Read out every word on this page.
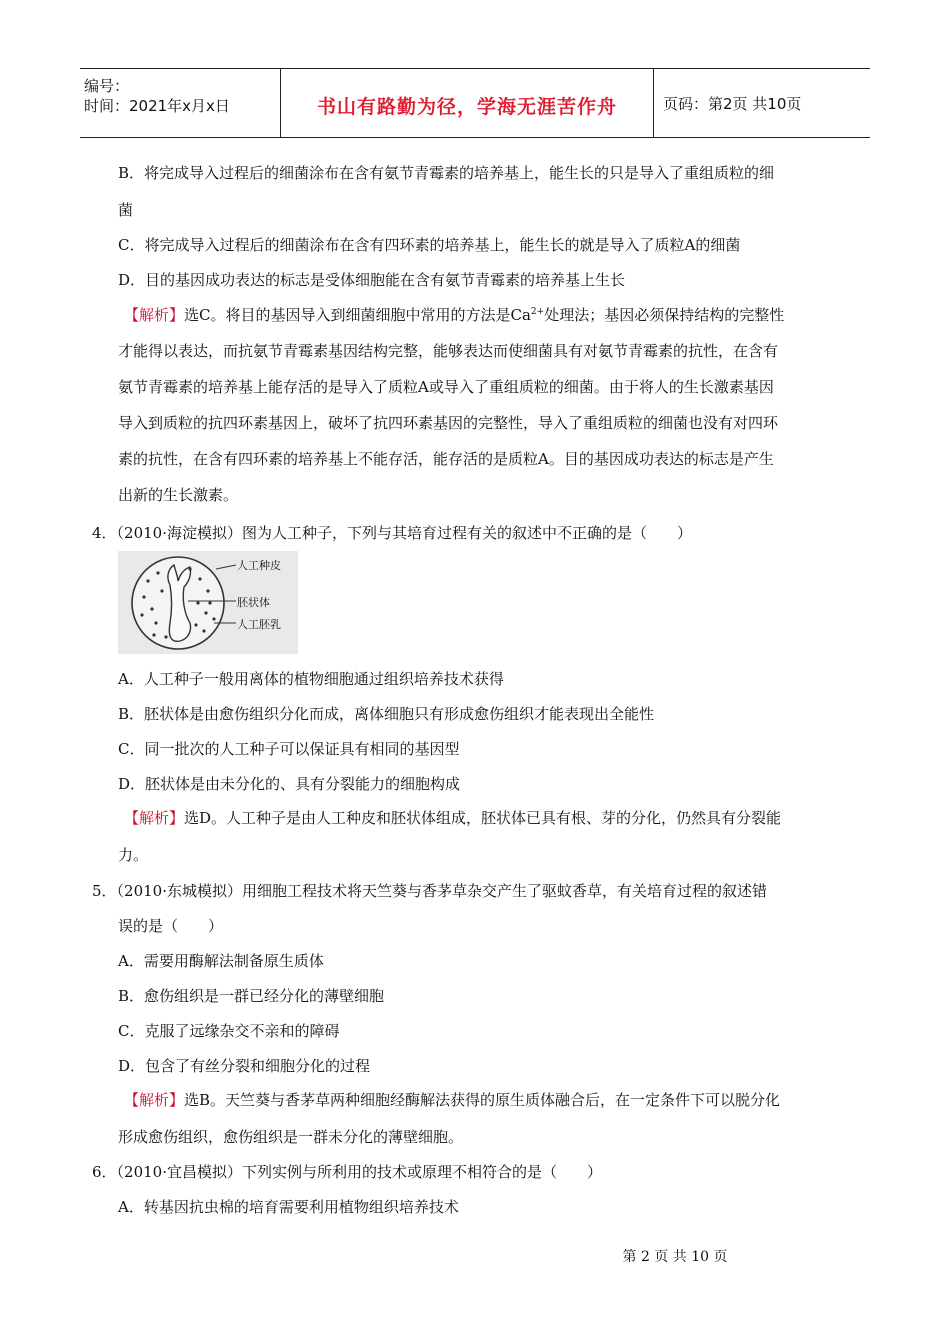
编号：
时间：2021年x月x日	书山有路勤为径，学海无涯苦作舟	页码：第2页 共10页
B．将完成导入过程后的细菌涂布在含有氨节青霉素的培养基上，能生长的只是导入了重组质粒的细
菌
C．将完成导入过程后的细菌涂布在含有四环素的培养基上，能生长的就是导入了质粒A的细菌
D．目的基因成功表达的标志是受体细胞能在含有氨节青霉素的培养基上生长
【解析】选C。将目的基因导入到细菌细胞中常用的方法是$Ca^{2+}$处理法；基因必须保持结构的完整性
才能得以表达，而抗氨节青霉素基因结构完整，能够表达而使细菌具有对氨节青霉素的抗性，在含有
氨节青霉素的培养基上能存活的是导入了质粒A或导入了重组质粒的细菌。由于将人的生长激素基因
导入到质粒的抗四环素基因上，破坏了抗四环素基因的完整性，导入了重组质粒的细菌也没有对四环
素的抗性，在含有四环素的培养基上不能存活，能存活的是质粒A。目的基因成功表达的标志是产生
出新的生长激素。
4．（2010·海淀模拟）图为人工种子，下列与其培育过程有关的叙述中不正确的是（　　）
A．人工种子一般用离体的植物细胞通过组织培养技术获得
B．胚状体是由愈伤组织分化而成，离体细胞只有形成愈伤组织才能表现出全能性
C．同一批次的人工种子可以保证具有相同的基因型
D．胚状体是由未分化的、具有分裂能力的细胞构成
【解析】选D。人工种子是由人工种皮和胚状体组成，胚状体已具有根、芽的分化，仍然具有分裂能
力。
5．（2010·东城模拟）用细胞工程技术将天竺葵与香茅草杂交产生了驱蚊香草，有关培育过程的叙述错
误的是（　　）
A．需要用酶解法制备原生质体
B．愈伤组织是一群已经分化的薄壁细胞
C．克服了远缘杂交不亲和的障碍
D．包含了有丝分裂和细胞分化的过程
【解析】选B。天竺葵与香茅草两种细胞经酶解法获得的原生质体融合后，在一定条件下可以脱分化
形成愈伤组织，愈伤组织是一群未分化的薄壁细胞。
6．（2010·宜昌模拟）下列实例与所利用的技术或原理不相符合的是（　　）
A．转基因抗虫棉的培育需要利用植物组织培养技术
人工种皮
胚状体
人工胚乳
第 2 页 共 10 页
